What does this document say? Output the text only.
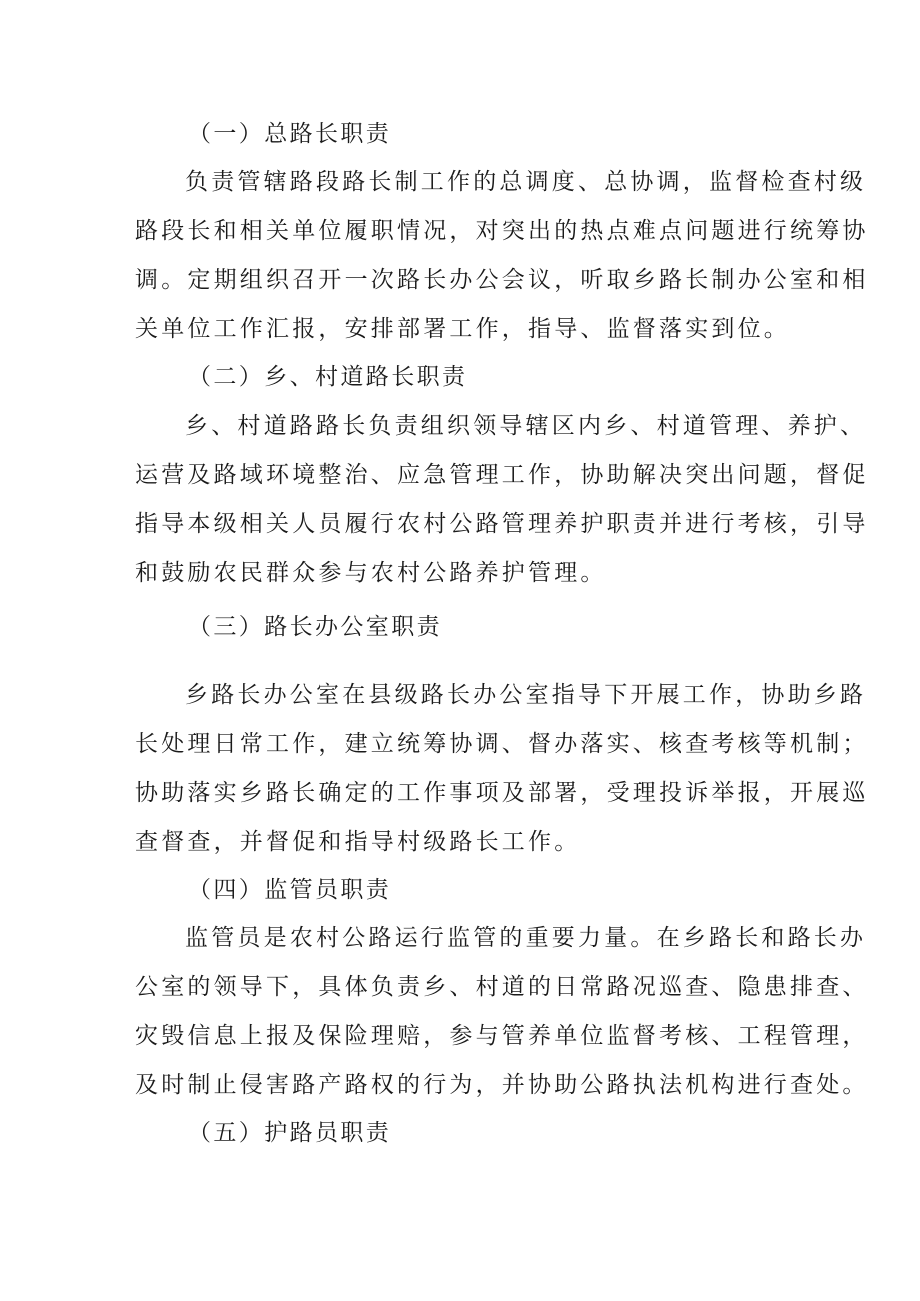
（一）总路长职责
负责管辖路段路长制工作的总调度、总协调，监督检查村级
路段长和相关单位履职情况，对突出的热点难点问题进行统筹协
调。定期组织召开一次路长办公会议，听取乡路长制办公室和相
关单位工作汇报，安排部署工作，指导、监督落实到位。
（二）乡、村道路长职责
乡、村道路路长负责组织领导辖区内乡、村道管理、养护、
运营及路域环境整治、应急管理工作，协助解决突出问题，督促
指导本级相关人员履行农村公路管理养护职责并进行考核，引导
和鼓励农民群众参与农村公路养护管理。
（三）路长办公室职责
乡路长办公室在县级路长办公室指导下开展工作，协助乡路
长处理日常工作，建立统筹协调、督办落实、核查考核等机制；
协助落实乡路长确定的工作事项及部署，受理投诉举报，开展巡
查督查，并督促和指导村级路长工作。
（四）监管员职责
监管员是农村公路运行监管的重要力量。在乡路长和路长办
公室的领导下，具体负责乡、村道的日常路况巡查、隐患排查、
灾毁信息上报及保险理赔，参与管养单位监督考核、工程管理，
及时制止侵害路产路权的行为，并协助公路执法机构进行查处。
（五）护路员职责
